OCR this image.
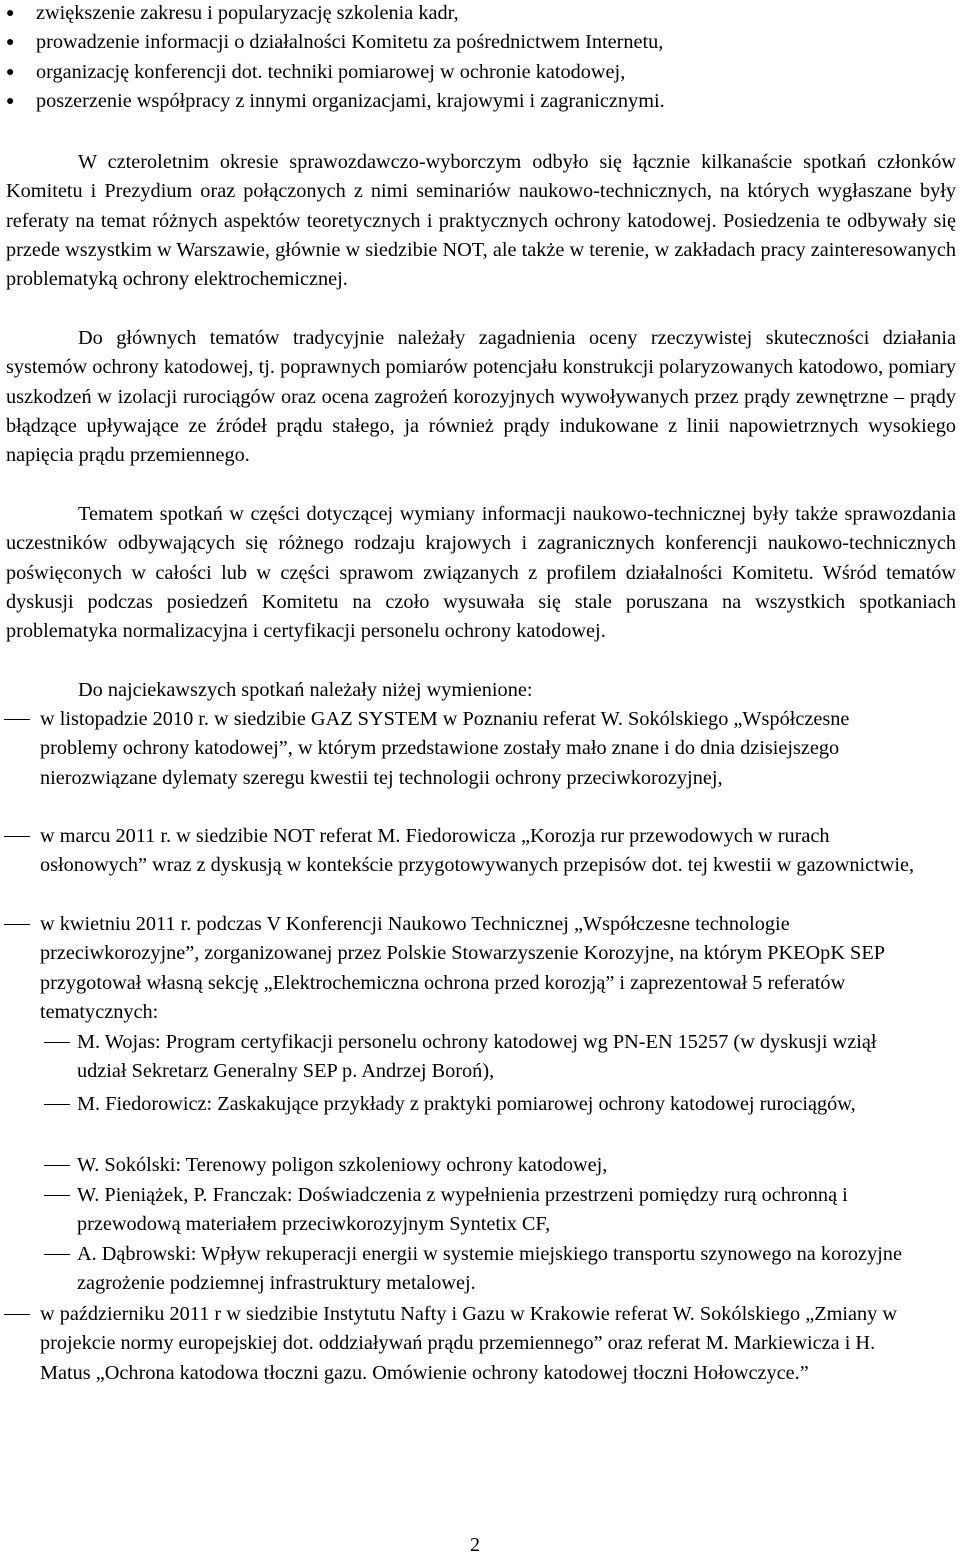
● zwiększenie zakresu i popularyzację szkolenia kadr,
● prowadzenie informacji o działalności Komitetu za pośrednictwem Internetu,
● organizację konferencji dot. techniki pomiarowej w ochronie katodowej,
● poszerzenie współpracy z innymi organizacjami, krajowymi i zagranicznymi.

W czteroletnim okresie sprawozdawczo-wyborczym odbyło się łącznie kilkanaście spotkań członków Komitetu i Prezydium oraz połączonych z nimi seminariów naukowo-technicznych, na których wygłaszane były referaty na temat różnych aspektów teoretycznych i praktycznych ochrony katodowej. Posiedzenia te odbywały się przede wszystkim w Warszawie, głównie w siedzibie NOT, ale także w terenie, w zakładach pracy zainteresowanych problematyką ochrony elektrochemicznej.

Do głównych tematów tradycyjnie należały zagadnienia oceny rzeczywistej skuteczności działania systemów ochrony katodowej, tj. poprawnych pomiarów potencjału konstrukcji polaryzowanych katodowo, pomiary uszkodzeń w izolacji rurociągów oraz ocena zagrożeń korozyjnych wywoływanych przez prądy zewnętrzne – prądy błądzące upływające ze źródeł prądu stałego, ja również prądy indukowane z linii napowietrznych wysokiego napięcia prądu przemiennego.

Tematem spotkań w części dotyczącej wymiany informacji naukowo-technicznej były także sprawozdania uczestników odbywających się różnego rodzaju krajowych i zagranicznych konferencji naukowo-technicznych poświęconych w całości lub w części sprawom związanych z profilem działalności Komitetu. Wśród tematów dyskusji podczas posiedzeń Komitetu na czoło wysuwała się stale poruszana na wszystkich spotkaniach problematyka normalizacyjna i certyfikacji personelu ochrony katodowej.

Do najciekawszych spotkań należały niżej wymienione:

w listopadzie 2010 r. w siedzibie GAZ SYSTEM w Poznaniu referat W. Sokólskiego „Współczesne problemy ochrony katodowej”, w którym przedstawione zostały mało znane i do dnia dzisiejszego nierozwiązane dylematy szeregu kwestii tej technologii ochrony przeciwkorozyjnej,
w marcu 2011 r. w siedzibie NOT referat M. Fiedorowicza „Korozja rur przewodowych w rurach osłonowych” wraz z dyskusją w kontekście przygotowywanych przepisów dot. tej kwestii w gazownictwie,
w kwietniu 2011 r. podczas V Konferencji Naukowo Technicznej „Współczesne technologie przeciwkorozyjne”, zorganizowanej przez Polskie Stowarzyszenie Korozyjne, na którym PKEOpK SEP przygotował własną sekcję „Elektrochemiczna ochrona przed korozją” i zaprezentował 5 referatów tematycznych:
M. Wojas: Program certyfikacji personelu ochrony katodowej wg PN-EN 15257 (w dyskusji wziął udział Sekretarz Generalny SEP p. Andrzej Boroń),
M. Fiedorowicz: Zaskakujące przykłady z praktyki pomiarowej ochrony katodowej rurociągów,
W. Sokólski: Terenowy poligon szkoleniowy ochrony katodowej,
W. Pieniążek, P. Franczak: Doświadczenia z wypełnienia przestrzeni pomiędzy rurą ochronną i przewodową materiałem przeciwkorozyjnym Syntetix CF,
A. Dąbrowski: Wpływ rekuperacji energii w systemie miejskiego transportu szynowego na korozyjne zagrożenie podziemnej infrastruktury metalowej.
w październiku 2011 r w siedzibie Instytutu Nafty i Gazu w Krakowie referat W. Sokólskiego „Zmiany w projekcie normy europejskiej dot. oddziaływań prądu przemiennego” oraz referat M. Markiewicza i H. Matus „Ochrona katodowa tłoczni gazu. Omówienie ochrony katodowej tłoczni Hołowczyce.”
2
